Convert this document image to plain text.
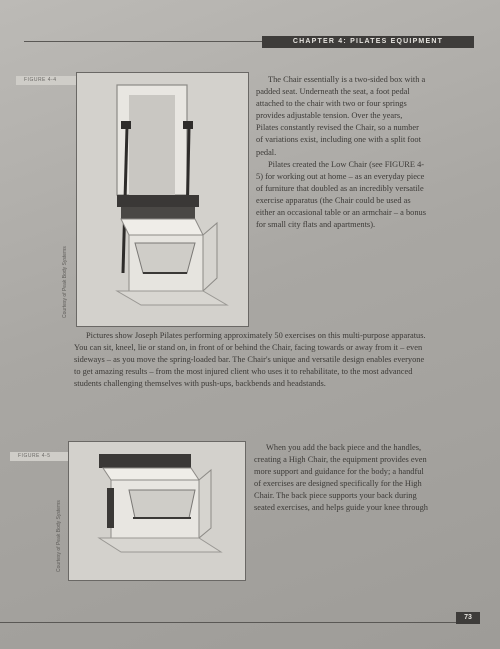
CHAPTER 4: PILATES EQUIPMENT
FIGURE 4-4
Courtesy of Peak Body Systems

The Chair essentially is a two-sided box with a padded seat. Underneath the seat, a foot pedal attached to the chair with two or four springs provides adjustable tension. Over the years, Pilates constantly revised the Chair, so a number of variations exist, including one with a split foot pedal.

Pilates created the Low Chair (see FIGURE 4-5) for working out at home – as an everyday piece of furniture that doubled as an incredibly versatile exercise apparatus (the Chair could be used as either an occasional table or an armchair – a bonus for small city flats and apartments).

Pictures show Joseph Pilates performing approximately 50 exercises on this multi-purpose apparatus. You can sit, kneel, lie or stand on, in front of or behind the Chair, facing towards or away from it – even sideways – as you move the spring-loaded bar. The Chair's unique and versatile design enables everyone to get amazing results – from the most injured client who uses it to rehabilitate, to the most advanced students challenging themselves with push-ups, backbends and headstands.

FIGURE 4-5
Courtesy of Peak Body Systems

When you add the back piece and the handles, creating a High Chair, the equipment provides even more support and guidance for the body; a handful of exercises are designed specifically for the High Chair. The back piece supports your back during seated exercises, and helps guide your knee through

73
